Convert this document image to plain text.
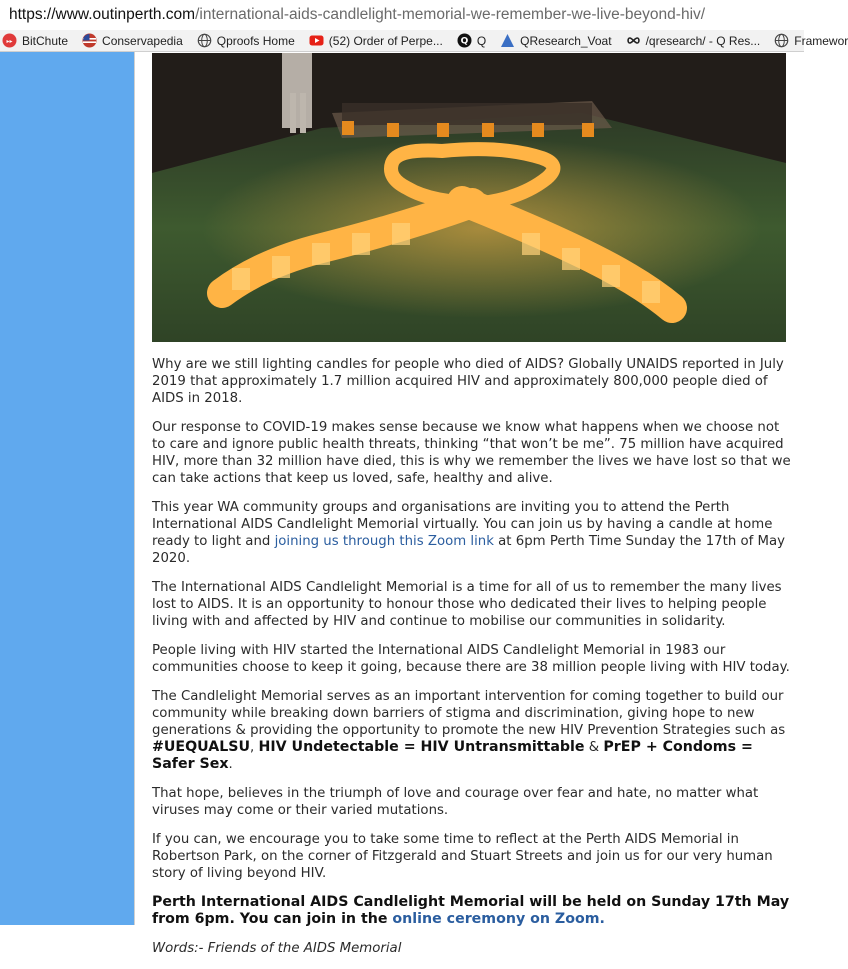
https://www.outinperth.com /international-aids-candlelight-memorial-we-remember-we-live-beyond-hiv/
▸▸ BitChute	Conservapedia	Qproofs Home	(52) Order of Perpe... Q Q	QResearch_Voat	/qresearch/ - Q Res...	Framewor

Why are we still lighting candles for people who died of AIDS? Globally UNAIDS reported in July 2019 that approximately 1.7 million acquired HIV and approximately 800,000 people died of AIDS in 2018.

Our response to COVID-19 makes sense because we know what happens when we choose not to care and ignore public health threats, thinking “that won’t be me”. 75 million have acquired HIV, more than 32 million have died, this is why we remember the lives we have lost so that we can take actions that keep us loved, safe, healthy and alive.

This year WA community groups and organisations are inviting you to attend the Perth International AIDS Candlelight Memorial virtually. You can join us by having a candle at home ready to light and joining us through this Zoom link at 6pm Perth Time Sunday the 17th of May 2020.

The International AIDS Candlelight Memorial is a time for all of us to remember the many lives lost to AIDS. It is an opportunity to honour those who dedicated their lives to helping people living with and affected by HIV and continue to mobilise our communities in solidarity.

People living with HIV started the International AIDS Candlelight Memorial in 1983 our communities choose to keep it going, because there are 38 million people living with HIV today.

The Candlelight Memorial serves as an important intervention for coming together to build our community while breaking down barriers of stigma and discrimination, giving hope to new generations & providing the opportunity to promote the new HIV Prevention Strategies such as #UEQUALSU, HIV Undetectable = HIV Untransmittable & PrEP + Condoms = Safer Sex.

That hope, believes in the triumph of love and courage over fear and hate, no matter what viruses may come or their varied mutations.

If you can, we encourage you to take some time to reflect at the Perth AIDS Memorial in Robertson Park, on the corner of Fitzgerald and Stuart Streets and join us for our very human story of living beyond HIV.

Perth International AIDS Candlelight Memorial will be held on Sunday 17th May from 6pm. You can join in the online ceremony on Zoom.

Words:- Friends of the AIDS Memorial
